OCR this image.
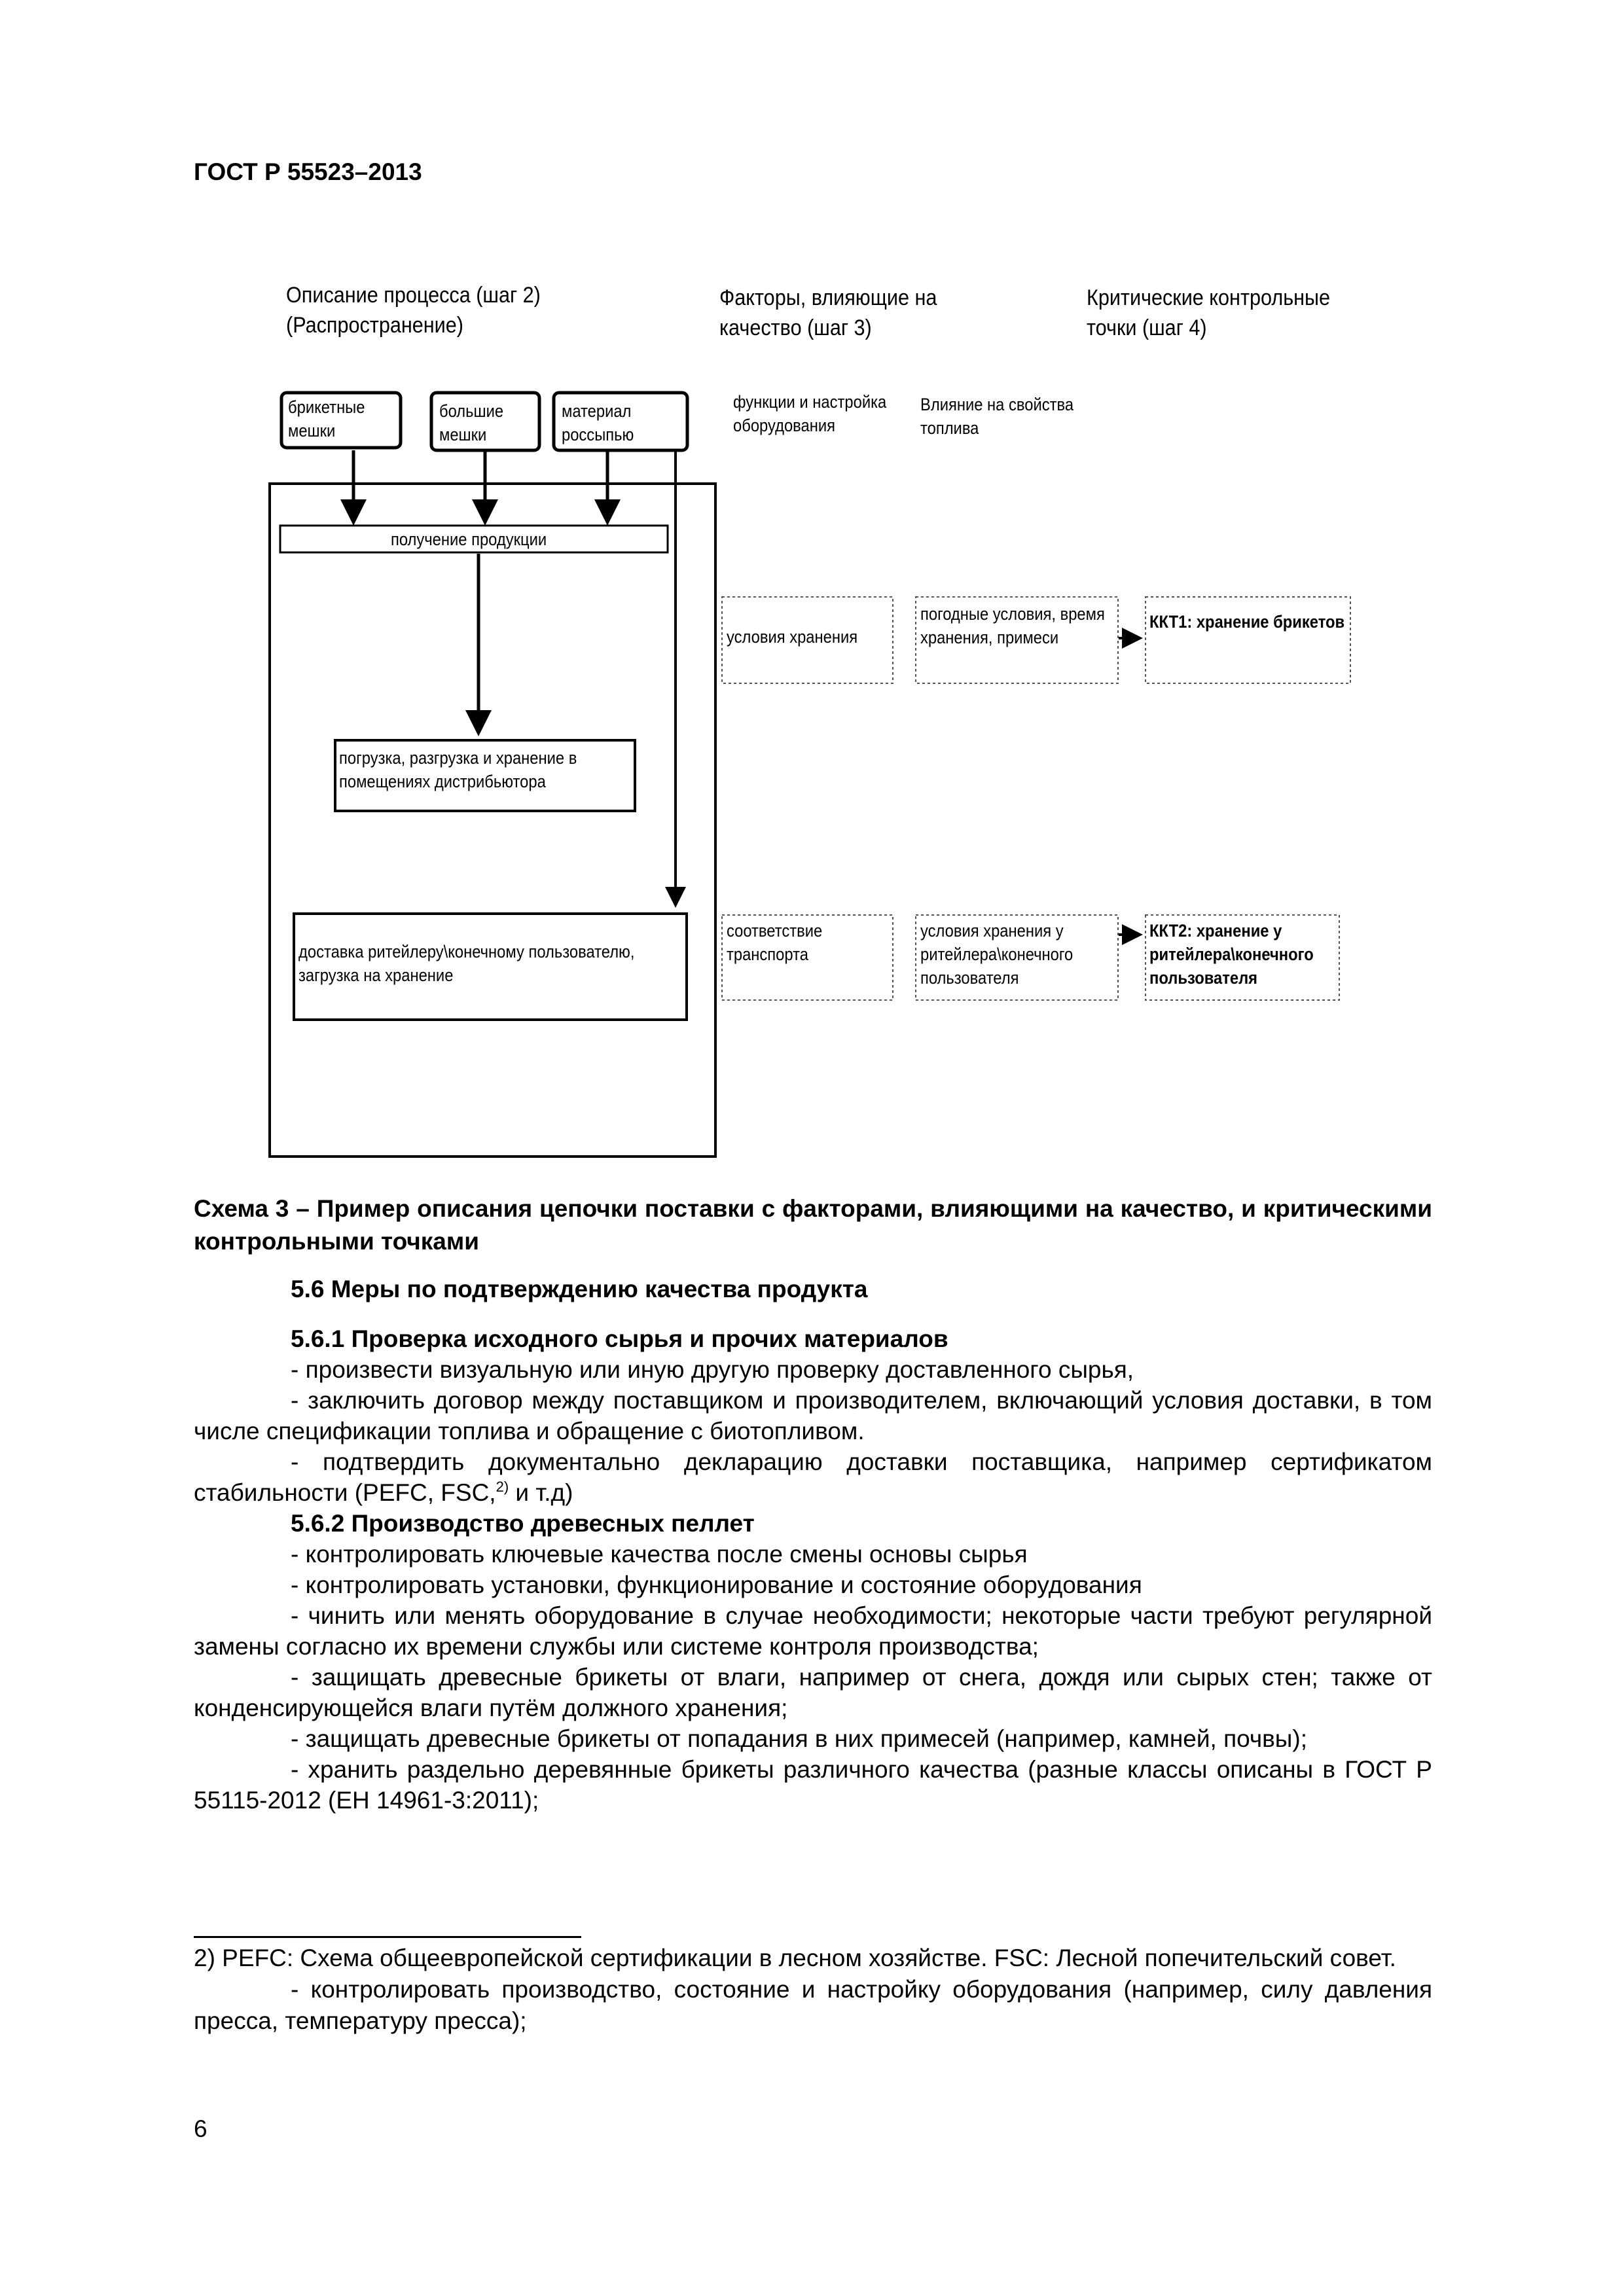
ГОСТ Р 55523–2013
Описание процесса (шаг 2)
(Распространение)
Факторы, влияющие на
качество (шаг 3)
Критические контрольные
точки (шаг 4)
функции и настройка
оборудования
Влияние на свойства
топлива
брикетные
мешки
большие
мешки
материал
россыпью
получение продукции
погрузка, разгрузка и хранение в
помещениях дистрибьютора
доставка ритейлеру\конечному пользователю,
загрузка на хранение
условия хранения
погодные условия, время
хранения, примеси
ККТ1: хранение брикетов
соответствие
транспорта
условия хранения у
ритейлера\конечного
пользователя
ККТ2: хранение у
ритейлера\конечного
пользователя
Схема 3 – Пример описания цепочки поставки с факторами, влияющими на качество, и критическими контрольными точками

5.6 Меры по подтверждению качества продукта

5.6.1 Проверка исходного сырья и прочих материалов

- произвести визуальную или иную другую проверку доставленного сырья,

- заключить договор между поставщиком и производителем, включающий условия доставки, в том числе спецификации топлива и обращение с биотопливом.

- подтвердить документально декларацию доставки поставщика, например сертификатом стабильности (PEFC, FSC,$^{2)}$ и т.д)

5.6.2 Производство древесных пеллет

- контролировать ключевые качества после смены основы сырья

- контролировать установки, функционирование и состояние оборудования

- чинить или менять оборудование в случае необходимости; некоторые части требуют регулярной замены согласно их времени службы или системе контроля производства;

- защищать древесные брикеты от влаги, например от снега, дождя или сырых стен; также от конденсирующейся влаги путём должного хранения;

- защищать древесные брикеты от попадания в них примесей (например, камней, почвы);

- хранить раздельно деревянные брикеты различного качества (разные классы описаны в ГОСТ Р 55115-2012 (ЕН 14961-3:2011);

2) PEFC: Схема общеевропейской сертификации в лесном хозяйстве. FSC: Лесной попечительский совет.

- контролировать производство, состояние и настройку оборудования (например, силу давления пресса, температуру пресса);

6
